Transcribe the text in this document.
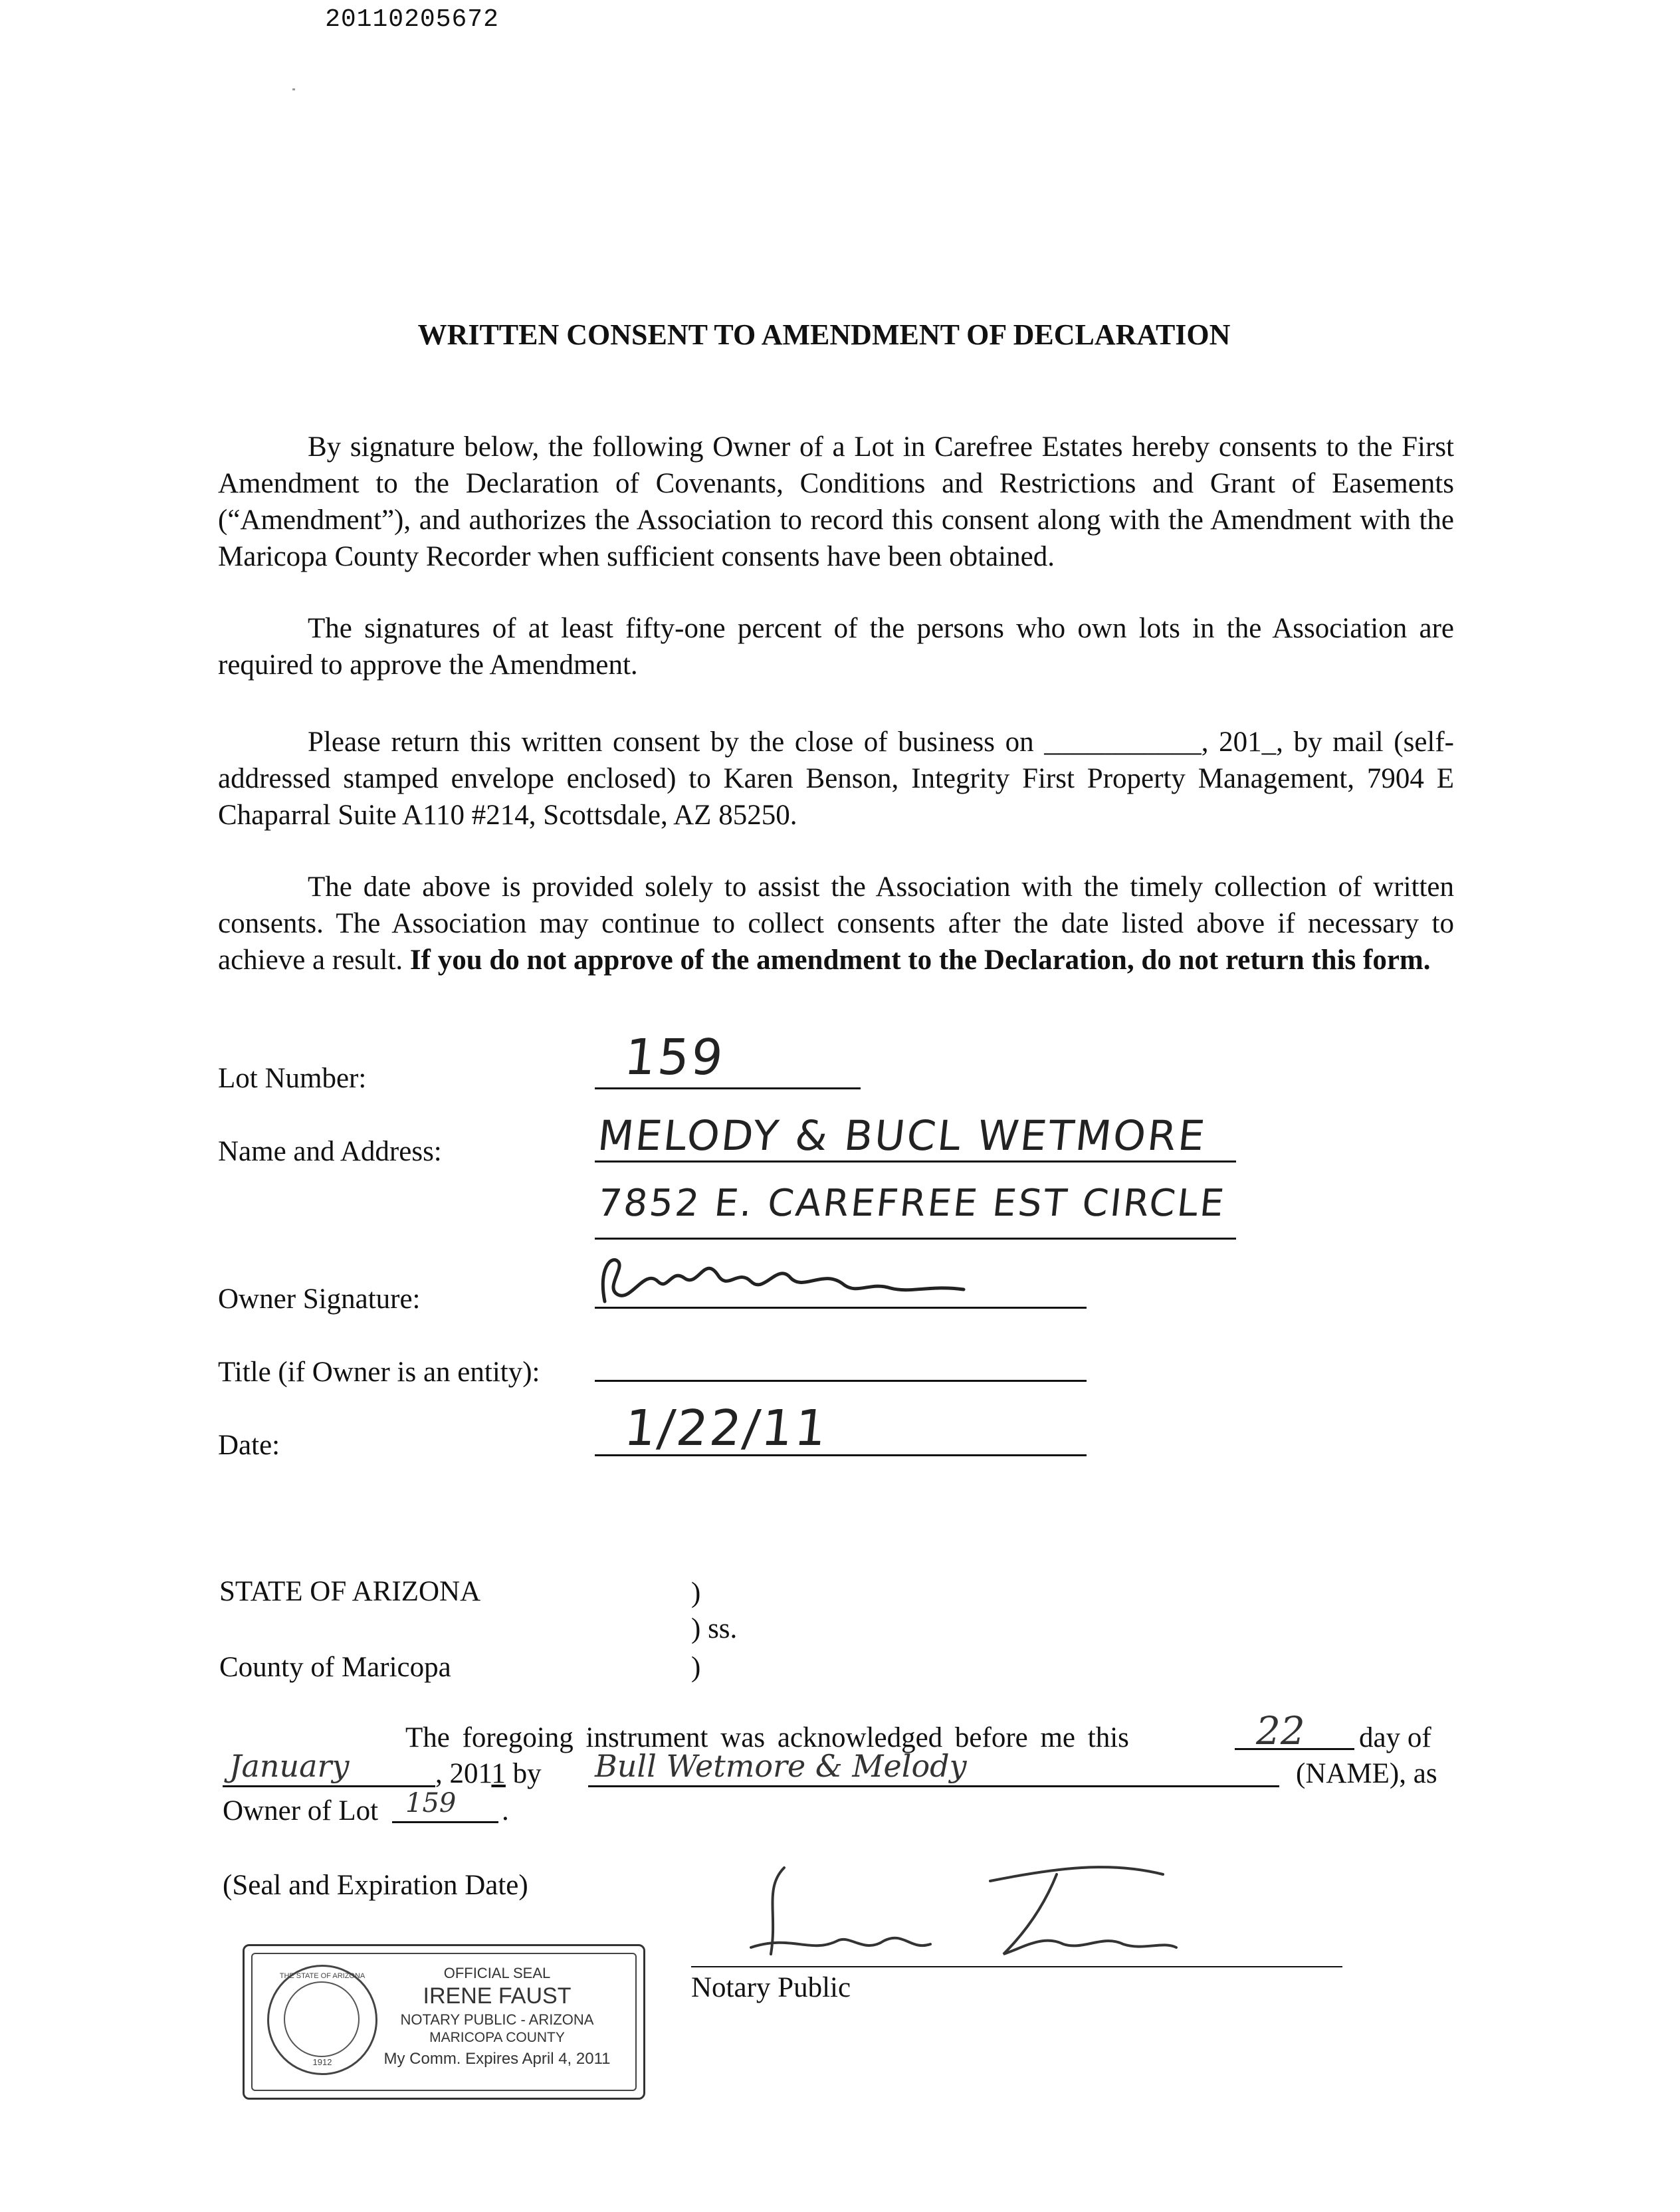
20110205672
WRITTEN CONSENT TO AMENDMENT OF DECLARATION
By signature below, the following Owner of a Lot in Carefree Estates hereby consents to the First Amendment to the Declaration of Covenants, Conditions and Restrictions and Grant of Easements (“Amendment”), and authorizes the Association to record this consent along with the Amendment with the Maricopa County Recorder when sufficient consents have been obtained.
The signatures of at least fifty-one percent of the persons who own lots in the Association are required to approve the Amendment.
Please return this written consent by the close of business on ___________, 201_, by mail (self-addressed stamped envelope enclosed) to Karen Benson, Integrity First Property Management, 7904 E Chaparral Suite A110 #214, Scottsdale, AZ 85250.
The date above is provided solely to assist the Association with the timely collection of written consents. The Association may continue to collect consents after the date listed above if necessary to achieve a result. If you do not approve of the amendment to the Declaration, do not return this form.
Lot Number:	159
Name and Address:	MELODY & BUCL WETMORE
7852 E. CAREFREE EST CIRCLE
Owner Signature:
Title (if Owner is an entity):
Date:	1/22/11
STATE OF ARIZONA	)
) ss.
County of Maricopa	)
The foregoing instrument was acknowledged before me this	22 day of
January	, 2011 by Bull Wetmore & Melody	(NAME), as
Owner of Lot 159 .
(Seal and Expiration Date)
Notary Public
THE STATE OF ARIZONA
1912
OFFICIAL SEAL
IRENE FAUST
NOTARY PUBLIC - ARIZONA
MARICOPA COUNTY
My Comm. Expires April 4, 2011
